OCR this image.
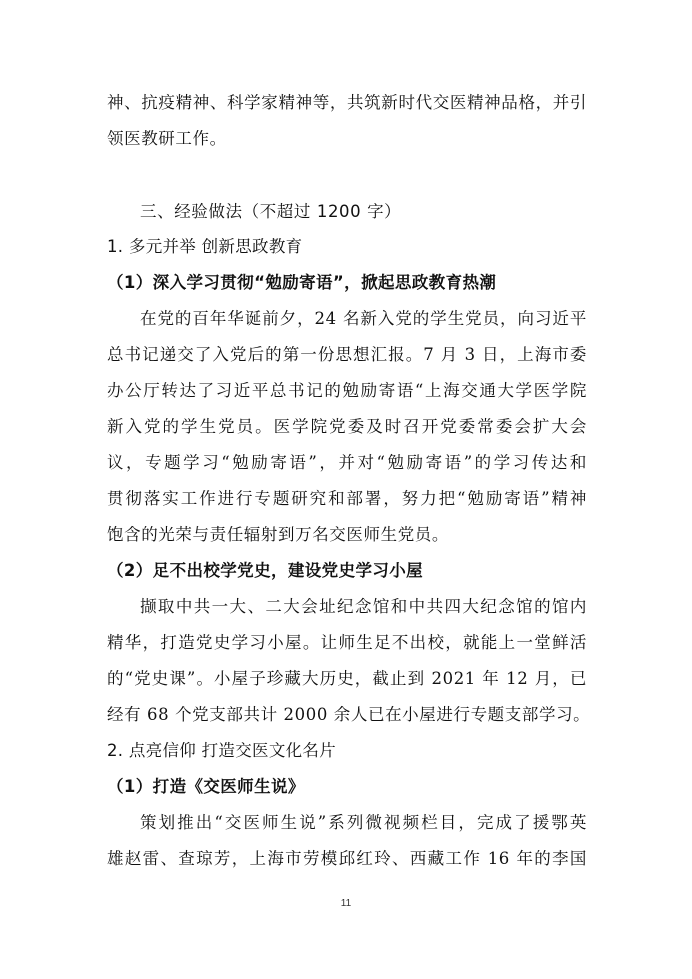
神、抗疫精神、科学家精神等，共筑新时代交医精神品格，并引
领医教研工作。
三、经验做法（不超过 1200 字）
1. 多元并举 创新思政教育
（1）深入学习贯彻“勉励寄语”，掀起思政教育热潮
在党的百年华诞前夕，24 名新入党的学生党员，向习近平
总书记递交了入党后的第一份思想汇报。7 月 3 日，上海市委
办公厅转达了习近平总书记的勉励寄语“上海交通大学医学院
新入党的学生党员。医学院党委及时召开党委常委会扩大会
议，专题学习“勉励寄语”，并对“勉励寄语”的学习传达和
贯彻落实工作进行专题研究和部署，努力把“勉励寄语”精神
饱含的光荣与责任辐射到万名交医师生党员。
（2）足不出校学党史，建设党史学习小屋
撷取中共一大、二大会址纪念馆和中共四大纪念馆的馆内
精华，打造党史学习小屋。让师生足不出校，就能上一堂鲜活
的“党史课”。小屋子珍藏大历史，截止到 2021 年 12 月，已
经有 68 个党支部共计 2000 余人已在小屋进行专题支部学习。
2. 点亮信仰 打造交医文化名片
（1）打造《交医师生说》
策划推出“交医师生说”系列微视频栏目，完成了援鄂英
雄赵雷、查琼芳，上海市劳模邱红玲、西藏工作 16 年的李国
11
